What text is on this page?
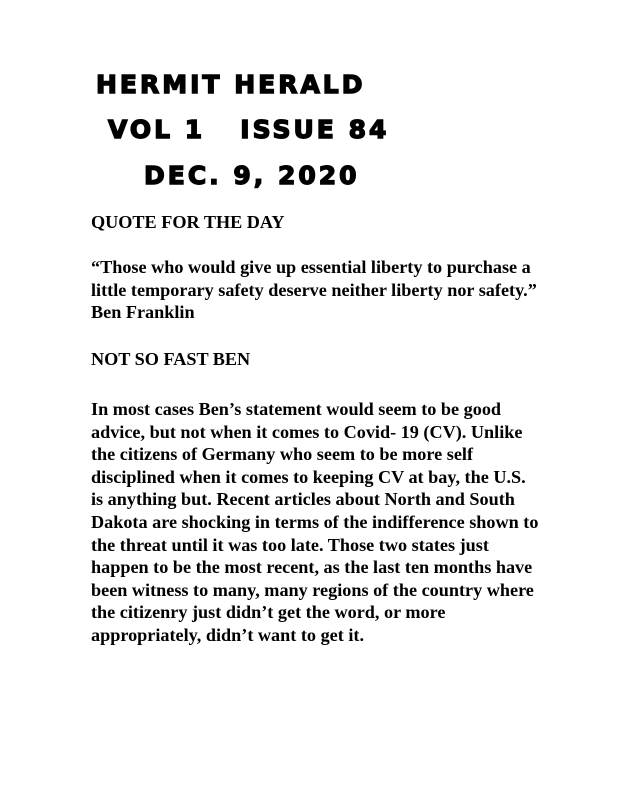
HERMIT HERALD
VOL 1   ISSUE 84
DEC. 9, 2020

QUOTE FOR THE DAY

“Those who would give up essential liberty to purchase a little temporary safety deserve neither liberty nor safety.” Ben Franklin

NOT SO FAST BEN

In most cases Ben’s statement would seem to be good advice, but not when it comes to Covid- 19 (CV). Unlike the citizens of Germany who seem to be more self disciplined when it comes to keeping CV at bay, the U.S. is anything but. Recent articles about North and South Dakota are shocking in terms of the indifference shown to the threat until it was too late. Those two states just happen to be the most recent, as the last ten months have been witness to many, many regions of the country where the citizenry just didn’t get the word, or more appropriately, didn’t want to get it.
